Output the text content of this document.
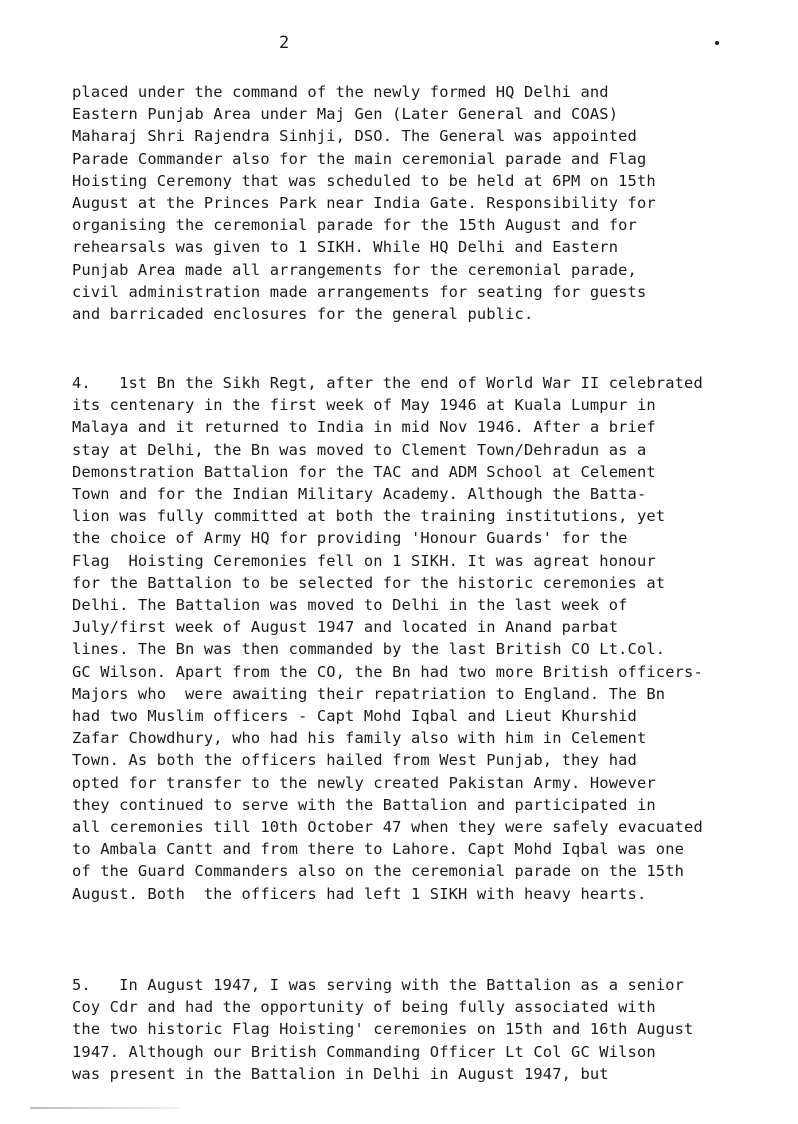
2

placed under the command of the newly formed HQ Delhi and
Eastern Punjab Area under Maj Gen (Later General and COAS)
Maharaj Shri Rajendra Sinhji, DSO. The General was appointed
Parade Commander also for the main ceremonial parade and Flag
Hoisting Ceremony that was scheduled to be held at 6PM on 15th
August at the Princes Park near India Gate. Responsibility for
organising the ceremonial parade for the 15th August and for
rehearsals was given to 1 SIKH. While HQ Delhi and Eastern
Punjab Area made all arrangements for the ceremonial parade,
civil administration made arrangements for seating for guests
and barricaded enclosures for the general public.

4.   1st Bn the Sikh Regt, after the end of World War II celebrated
its centenary in the first week of May 1946 at Kuala Lumpur in
Malaya and it returned to India in mid Nov 1946. After a brief
stay at Delhi, the Bn was moved to Clement Town/Dehradun as a
Demonstration Battalion for the TAC and ADM School at Celement
Town and for the Indian Military Academy. Although the Batta-
lion was fully committed at both the training institutions, yet
the choice of Army HQ for providing 'Honour Guards' for the
Flag  Hoisting Ceremonies fell on 1 SIKH. It was agreat honour
for the Battalion to be selected for the historic ceremonies at
Delhi. The Battalion was moved to Delhi in the last week of
July/first week of August 1947 and located in Anand parbat
lines. The Bn was then commanded by the last British CO Lt.Col.
GC Wilson. Apart from the CO, the Bn had two more British officers-
Majors who  were awaiting their repatriation to England. The Bn
had two Muslim officers - Capt Mohd Iqbal and Lieut Khurshid
Zafar Chowdhury, who had his family also with him in Celement
Town. As both the officers hailed from West Punjab, they had
opted for transfer to the newly created Pakistan Army. However
they continued to serve with the Battalion and participated in
all ceremonies till 10th October 47 when they were safely evacuated
to Ambala Cantt and from there to Lahore. Capt Mohd Iqbal was one
of the Guard Commanders also on the ceremonial parade on the 15th
August. Both  the officers had left 1 SIKH with heavy hearts.

5.   In August 1947, I was serving with the Battalion as a senior
Coy Cdr and had the opportunity of being fully associated with
the two historic Flag Hoisting' ceremonies on 15th and 16th August
1947. Although our British Commanding Officer Lt Col GC Wilson
was present in the Battalion in Delhi in August 1947, but
